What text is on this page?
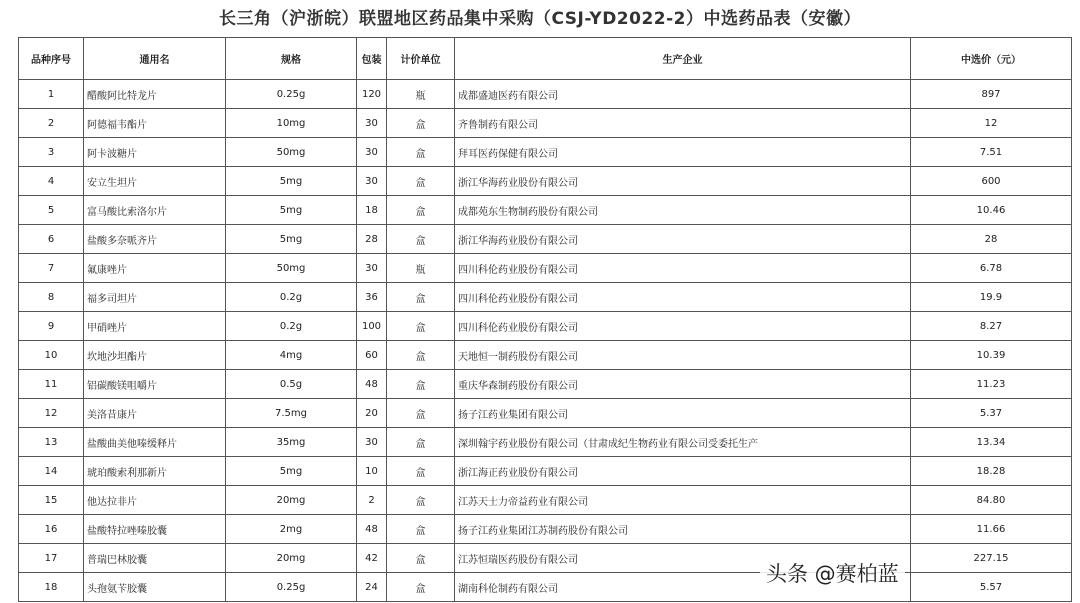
长三角（沪浙皖）联盟地区药品集中采购（CSJ-YD2022-2）中选药品表（安徽）
品种序号	通用名	规格	包装	计价单位	生产企业	中选价（元）
1	醋酸阿比特龙片	0.25g	120	瓶	成都盛迪医药有限公司	897
2	阿德福韦酯片	10mg	30	盒	齐鲁制药有限公司	12
3	阿卡波糖片	50mg	30	盒	拜耳医药保健有限公司	7.51
4	安立生坦片	5mg	30	盒	浙江华海药业股份有限公司	600
5	富马酸比索洛尔片	5mg	18	盒	成都苑东生物制药股份有限公司	10.46
6	盐酸多奈哌齐片	5mg	28	盒	浙江华海药业股份有限公司	28
7	氟康唑片	50mg	30	瓶	四川科伦药业股份有限公司	6.78
8	福多司坦片	0.2g	36	盒	四川科伦药业股份有限公司	19.9
9	甲硝唑片	0.2g	100	盒	四川科伦药业股份有限公司	8.27
10	坎地沙坦酯片	4mg	60	盒	天地恒一制药股份有限公司	10.39
11	铝碳酸镁咀嚼片	0.5g	48	盒	重庆华森制药股份有限公司	11.23
12	美洛昔康片	7.5mg	20	盒	扬子江药业集团有限公司	5.37
13	盐酸曲美他嗪缓释片	35mg	30	盒	深圳翰宇药业股份有限公司（甘肃成纪生物药业有限公司受委托生产	13.34
14	琥珀酸索利那新片	5mg	10	盒	浙江海正药业股份有限公司	18.28
15	他达拉非片	20mg	2	盒	江苏天士力帝益药业有限公司	84.80
16	盐酸特拉唑嗪胶囊	2mg	48	盒	扬子江药业集团江苏制药股份有限公司	11.66
17	普瑞巴林胶囊	20mg	42	盒	江苏恒瑞医药股份有限公司	227.15
18	头孢氨苄胶囊	0.25g	24	盒	湖南科伦制药有限公司	5.57
头条 @赛柏蓝
